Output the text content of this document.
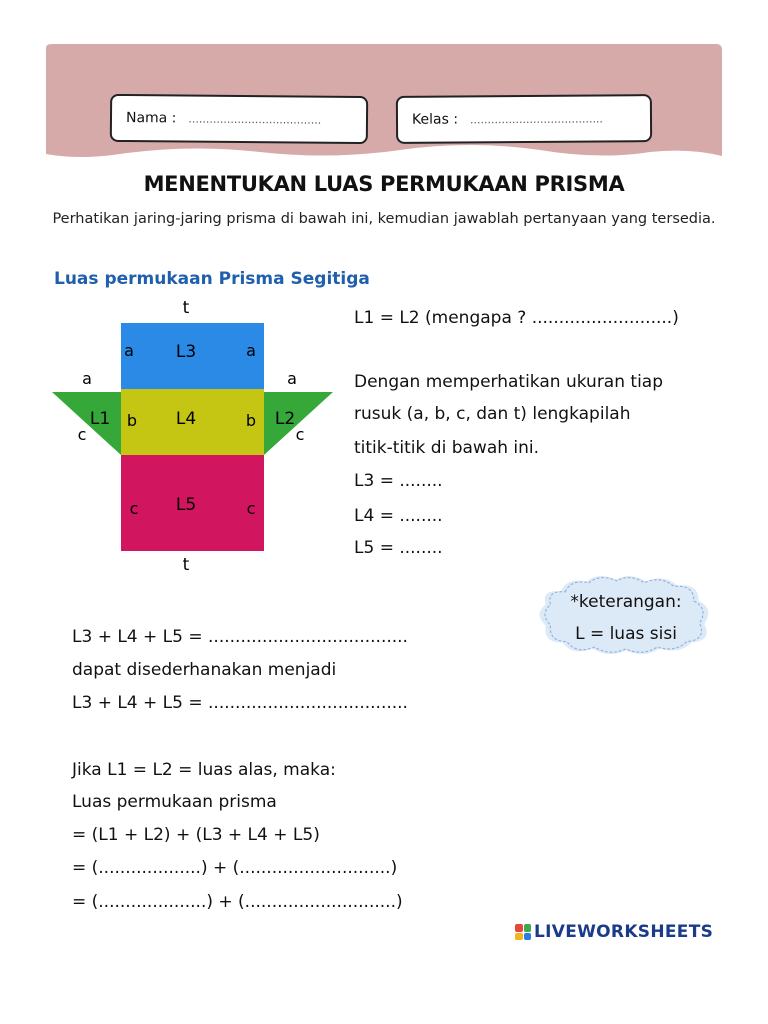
Nama : ......................................	Kelas : ......................................
MENENTUKAN LUAS PERMUKAAN PRISMA
Perhatikan jaring-jaring prisma di bawah ini, kemudian jawablah pertanyaan yang tersedia.
Luas permukaan Prisma Segitiga
t
L3
L4
L5
L1	L2
a	a
b	b
c	c
a
c
a
c
t
L1 = L2 (mengapa ? ..........................)
Dengan memperhatikan ukuran tiap
rusuk (a, b, c, dan t) lengkapilah
titik-titik di bawah ini.
L3 = ........
L4 = ........
L5 = ........
*keterangan:
L = luas sisi
L3 + L4 + L5 = .....................................
dapat disederhanakan menjadi
L3 + L4 + L5 = .....................................
Jika L1 = L2 = luas alas, maka:
Luas permukaan prisma
= (L1 + L2) + (L3 + L4 + L5)
= (...................) + (............................)
= (....................) + (............................)
LIVEWORKSHEETS
